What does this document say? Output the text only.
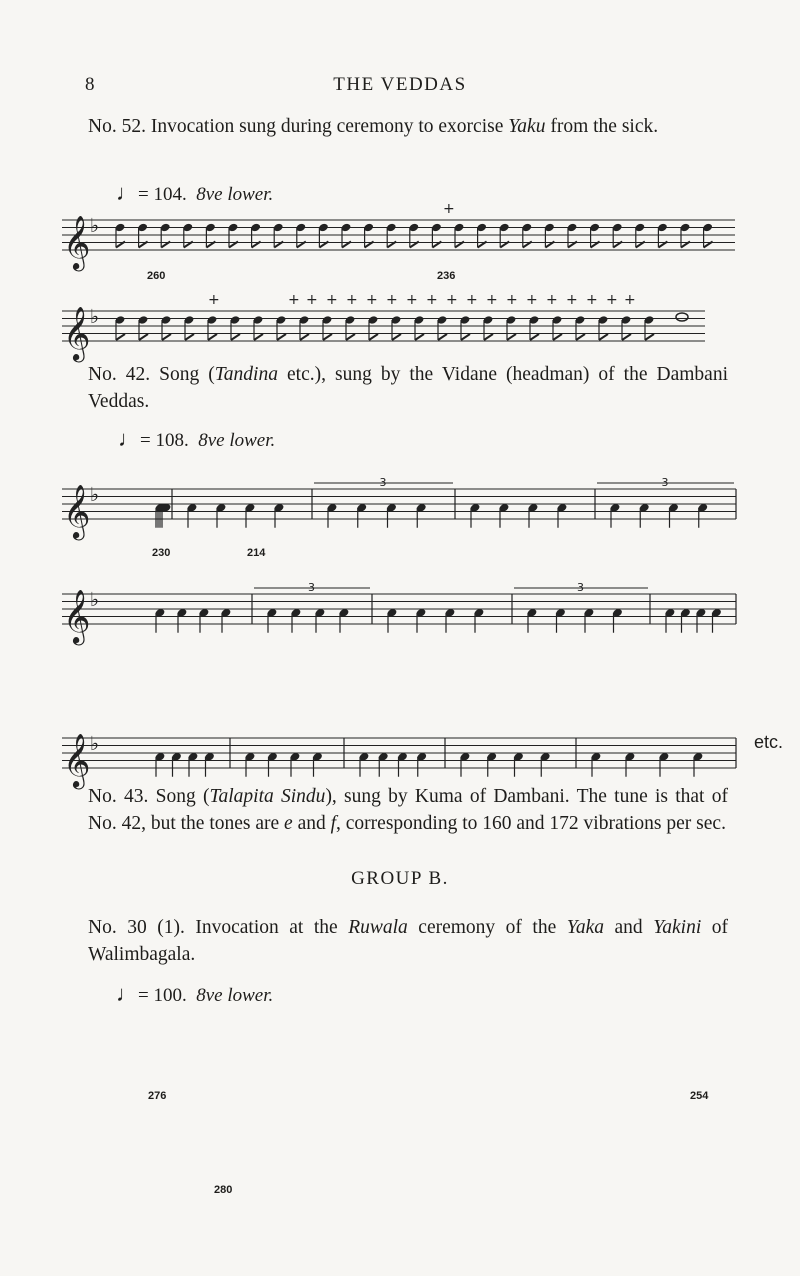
8	THE VEDDAS
No. 52. Invocation sung during ceremony to exorcise Yaku from the sick.
♩= 104. 8ve lower.
𝄞 ♭
+
𝄞 ♭
+	+ + + + + + + + + + + + + + + + + +
𝄞 ♭
3	3
𝄞 ♭
3	3
𝄞 ♭
260	236
No. 42. Song (Tandina etc.), sung by the Vidane (headman) of the Dambani Veddas.
♩= 108. 8ve lower.
230	214
etc.
No. 43. Song (Talapita Sindu), sung by Kuma of Dambani. The tune is that of No. 42, but the tones are e and f, corresponding to 160 and 172 vibrations per sec.
GROUP B.
No. 30 (1). Invocation at the Ruwala ceremony of the Yaka and Yakini of Walimbagala.
♩= 100. 8ve lower.
276	254
280
